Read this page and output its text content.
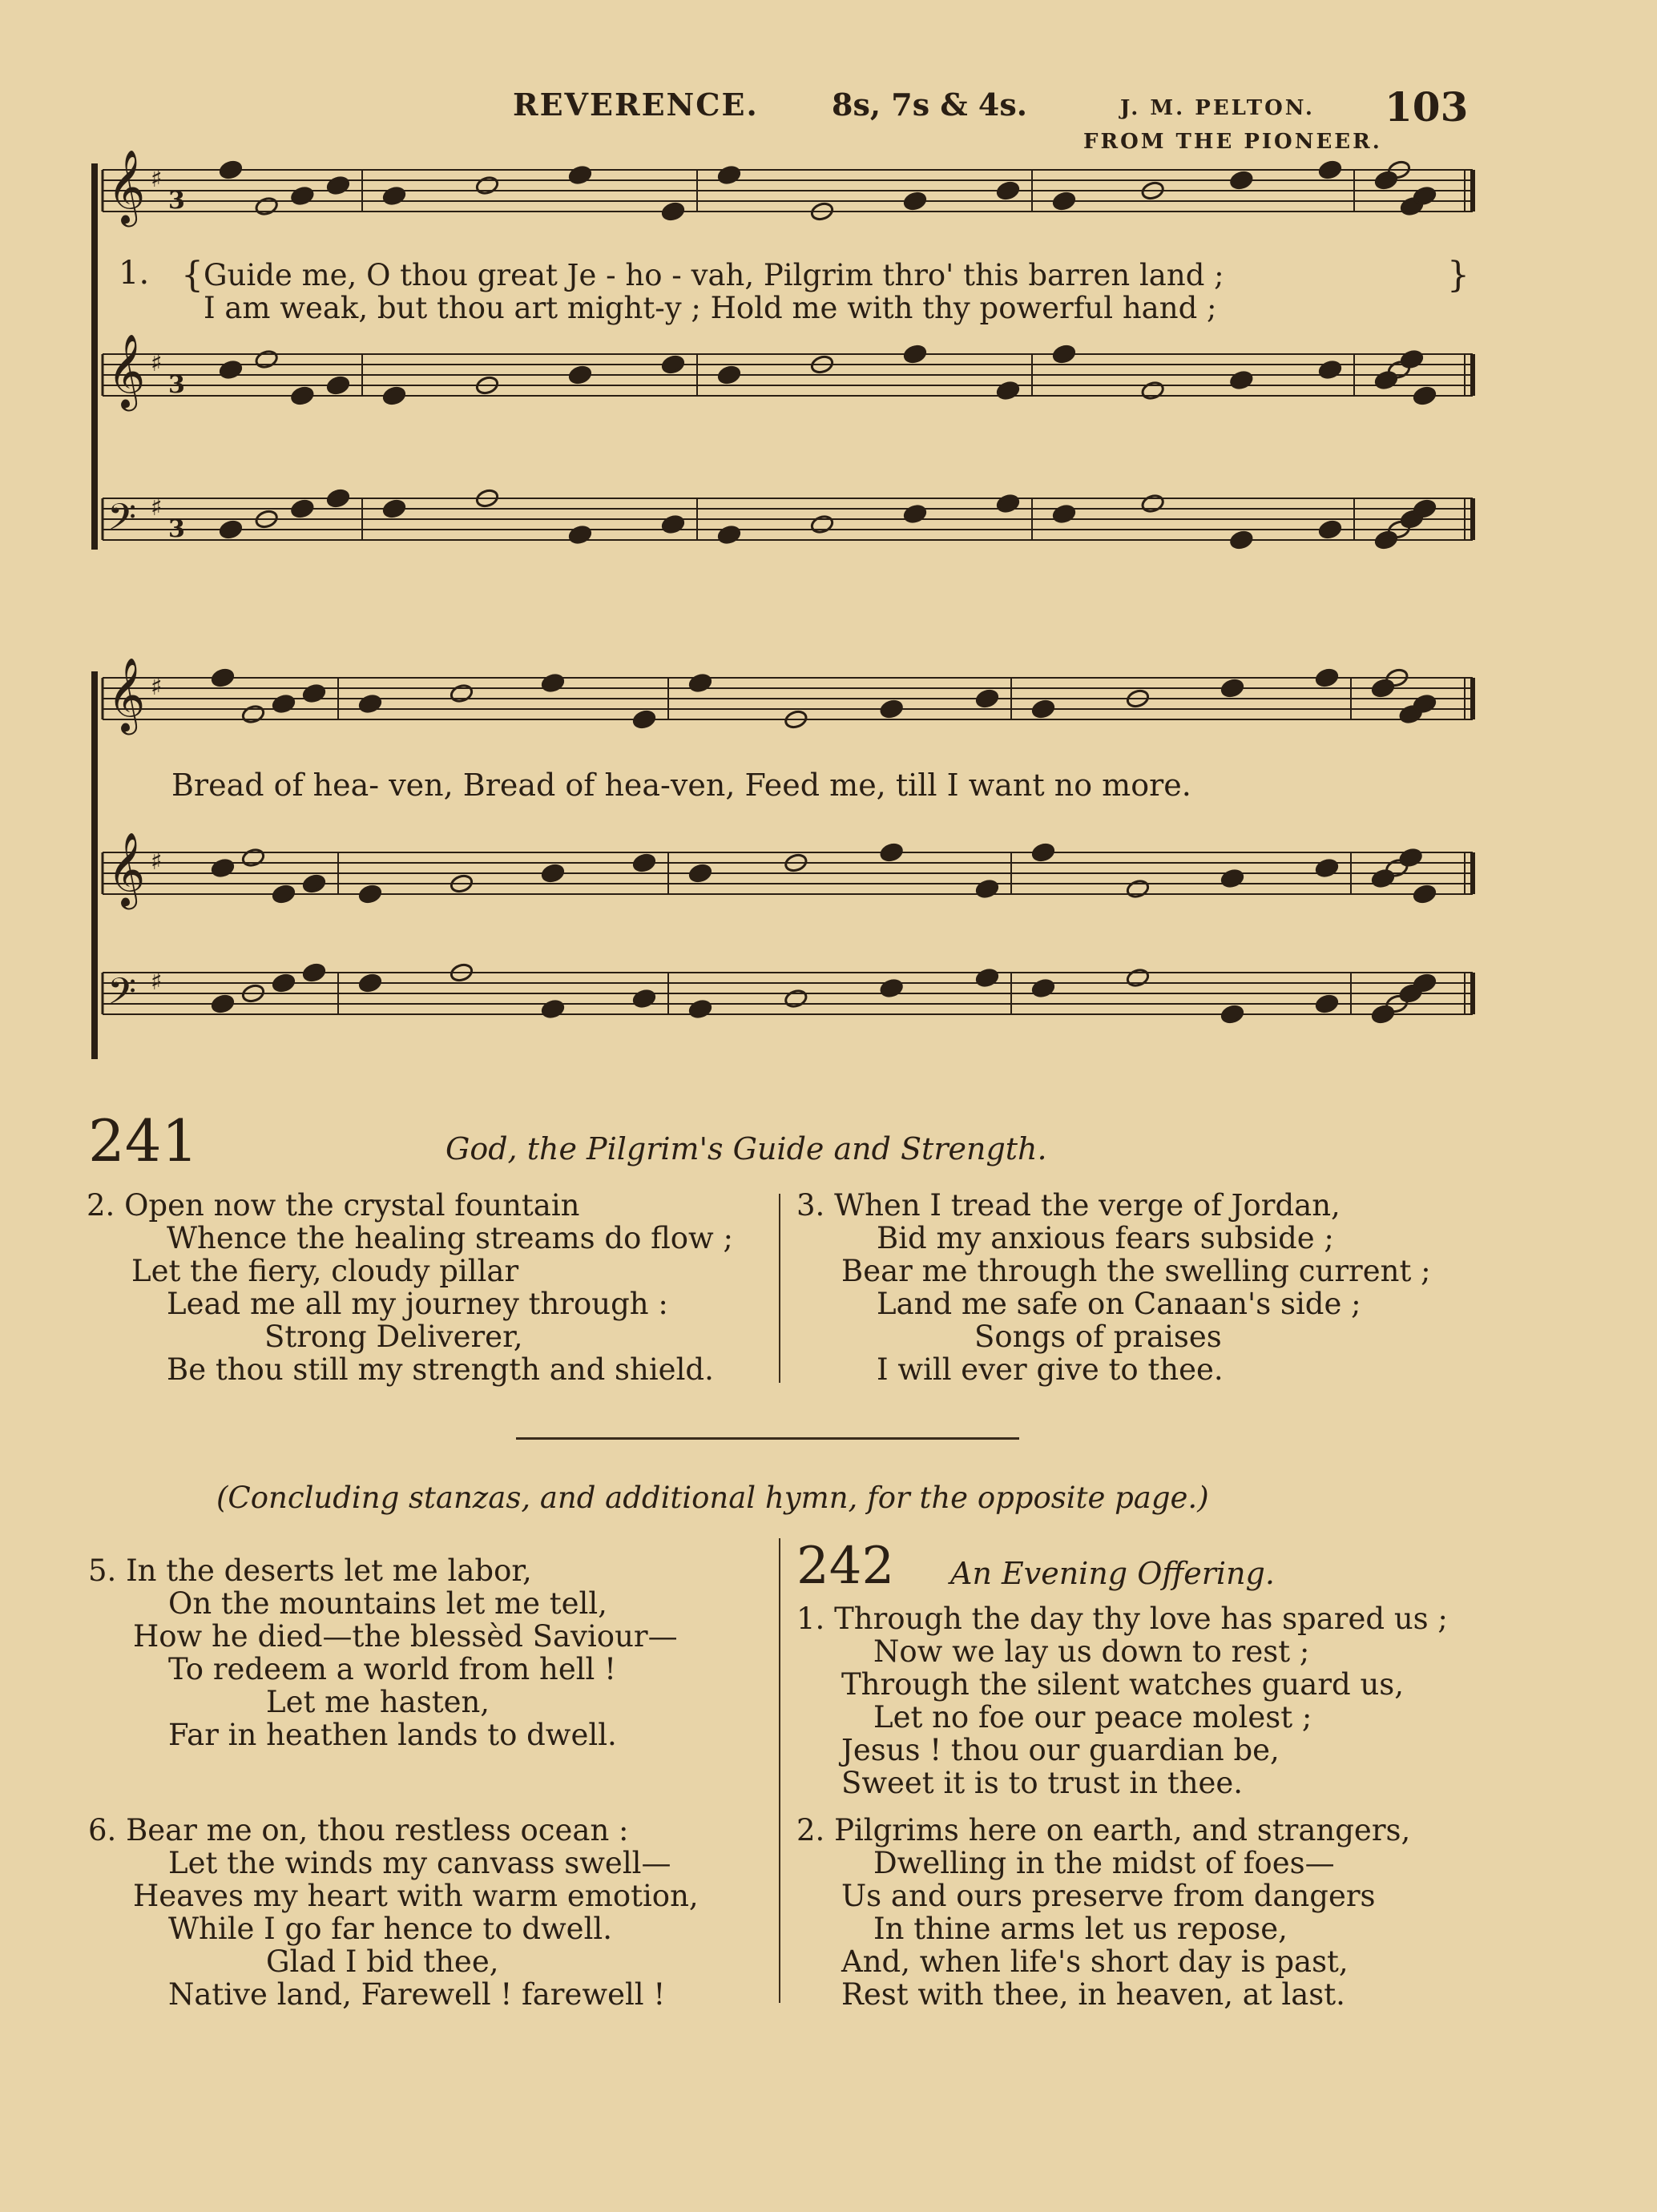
REVERENCE. 8s, 7s & 4s.	J. M. PELTON. 103
FROM THE PIONEER.
𝄞 ♯
3
𝄞 ♯
3
𝄢 ♯
3
𝄞 ♯
𝄞 ♯
𝄢 ♯
1. { Guide me, O thou great Je - ho - vah, Pilgrim thro' this barren land ;
I am weak, but thou art might-y ; Hold me with thy powerful hand ;
}
Bread of hea- ven, Bread of hea-ven, Feed me, till I want no more.
241	God, the Pilgrim's Guide and Strength.
2. Open now the crystal fountain
Whence the healing streams do flow ;
Let the fiery, cloudy pillar
Lead me all my journey through :
Strong Deliverer,
Be thou still my strength and shield.
3. When I tread the verge of Jordan,
Bid my anxious fears subside ;
Bear me through the swelling current ;
Land me safe on Canaan's side ;
Songs of praises
I will ever give to thee.
(Concluding stanzas, and additional hymn, for the opposite page.)
5. In the deserts let me labor,
On the mountains let me tell,
How he died—the blessèd Saviour—
To redeem a world from hell !
Let me hasten,
Far in heathen lands to dwell.
6. Bear me on, thou restless ocean :
Let the winds my canvass swell—
Heaves my heart with warm emotion,
While I go far hence to dwell.
Glad I bid thee,
Native land, Farewell ! farewell !
242 An Evening Offering.
1. Through the day thy love has spared us ;
Now we lay us down to rest ;
Through the silent watches guard us,
Let no foe our peace molest ;
Jesus ! thou our guardian be,
Sweet it is to trust in thee.
2. Pilgrims here on earth, and strangers,
Dwelling in the midst of foes—
Us and ours preserve from dangers
In thine arms let us repose,
And, when life's short day is past,
Rest with thee, in heaven, at last.
